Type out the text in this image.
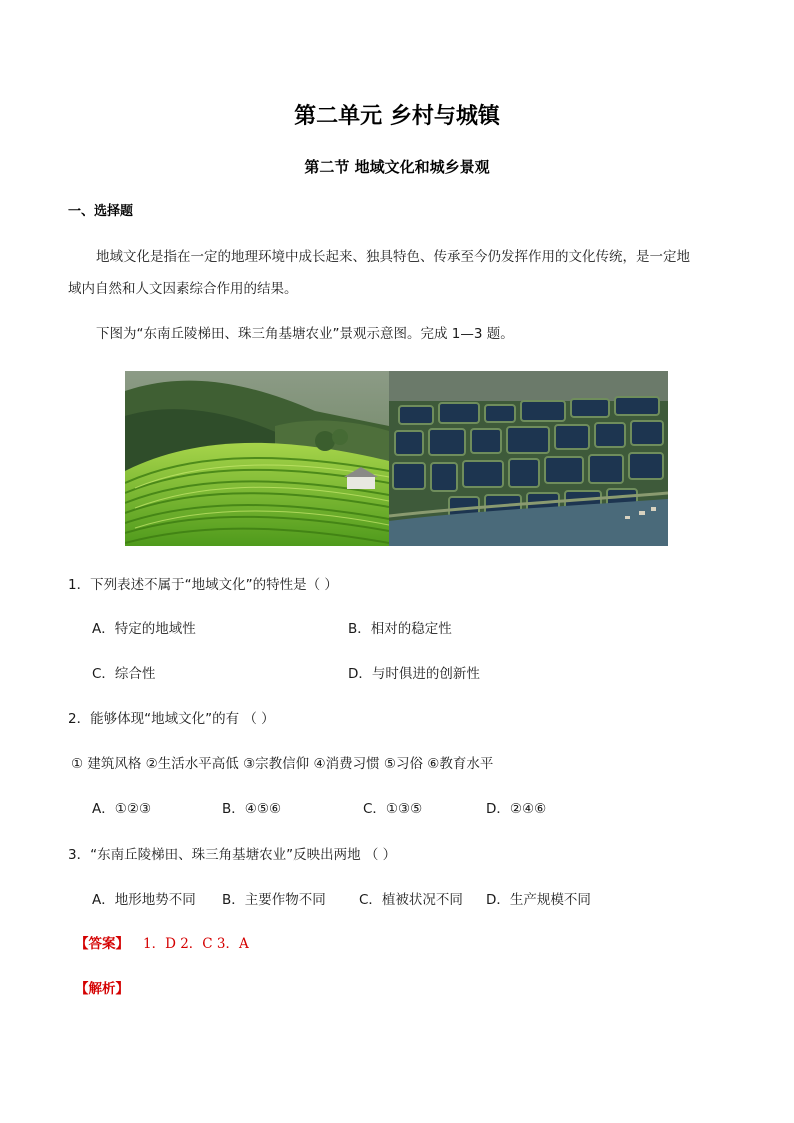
第二单元 乡村与城镇
第二节 地域文化和城乡景观
一、选择题
地域文化是指在一定的地理环境中成长起来、独具特色、传承至今仍发挥作用的文化传统，是一定地
域内自然和人文因素综合作用的结果。
下图为“东南丘陵梯田、珠三角基塘农业”景观示意图。完成 1—3 题。
1．下列表述不属于“地域文化”的特性是（ ）
A．特定的地域性	B．相对的稳定性
C．综合性	D．与时俱进的创新性
2．能够体现“地域文化”的有 （ ）
① 建筑风格 ②生活水平高低 ③宗教信仰 ④消费习惯 ⑤习俗 ⑥教育水平
A．①②③	B．④⑤⑥	C．①③⑤	D．②④⑥
3．“东南丘陵梯田、珠三角基塘农业”反映出两地 （ ）
A．地形地势不同 B．主要作物不同 C．植被状况不同 D．生产规模不同
【答案】 1．D 2．C 3．A
【解析】
